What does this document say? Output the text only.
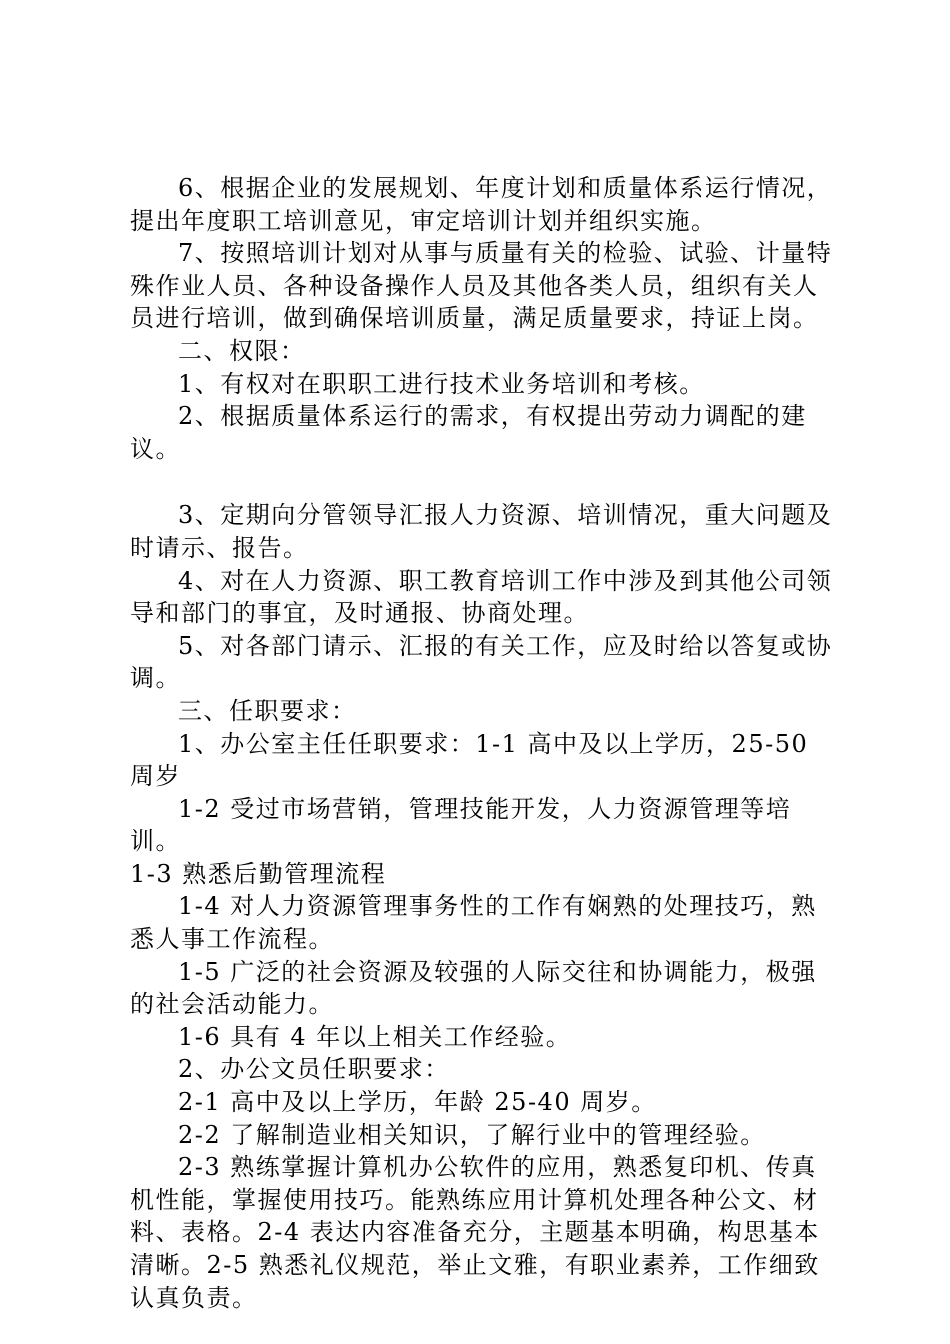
6、根据企业的发展规划、年度计划和质量体系运行情况，提出年度职工培训意见，审定培训计划并组织实施。

7、按照培训计划对从事与质量有关的检验、试验、计量特殊作业人员、各种设备操作人员及其他各类人员，组织有关人员进行培训，做到确保培训质量，满足质量要求，持证上岗。

二、权限：

1、有权对在职职工进行技术业务培训和考核。

2、根据质量体系运行的需求，有权提出劳动力调配的建议。

3、定期向分管领导汇报人力资源、培训情况，重大问题及时请示、报告。

4、对在人力资源、职工教育培训工作中涉及到其他公司领导和部门的事宜，及时通报、协商处理。

5、对各部门请示、汇报的有关工作，应及时给以答复或协调。

三、任职要求：

1、办公室主任任职要求：1-1 高中及以上学历，25-50 周岁

1-2 受过市场营销，管理技能开发，人力资源管理等培训。

1-3 熟悉后勤管理流程

1-4 对人力资源管理事务性的工作有娴熟的处理技巧，熟悉人事工作流程。

1-5 广泛的社会资源及较强的人际交往和协调能力，极强的社会活动能力。

1-6 具有 4 年以上相关工作经验。

2、办公文员任职要求：

2-1 高中及以上学历，年龄 25-40 周岁。

2-2 了解制造业相关知识，了解行业中的管理经验。

2-3 熟练掌握计算机办公软件的应用，熟悉复印机、传真机性能，掌握使用技巧。能熟练应用计算机处理各种公文、材料、表格。2-4 表达内容准备充分，主题基本明确，构思基本清晰。2-5 熟悉礼仪规范，举止文雅，有职业素养，工作细致认真负责。
